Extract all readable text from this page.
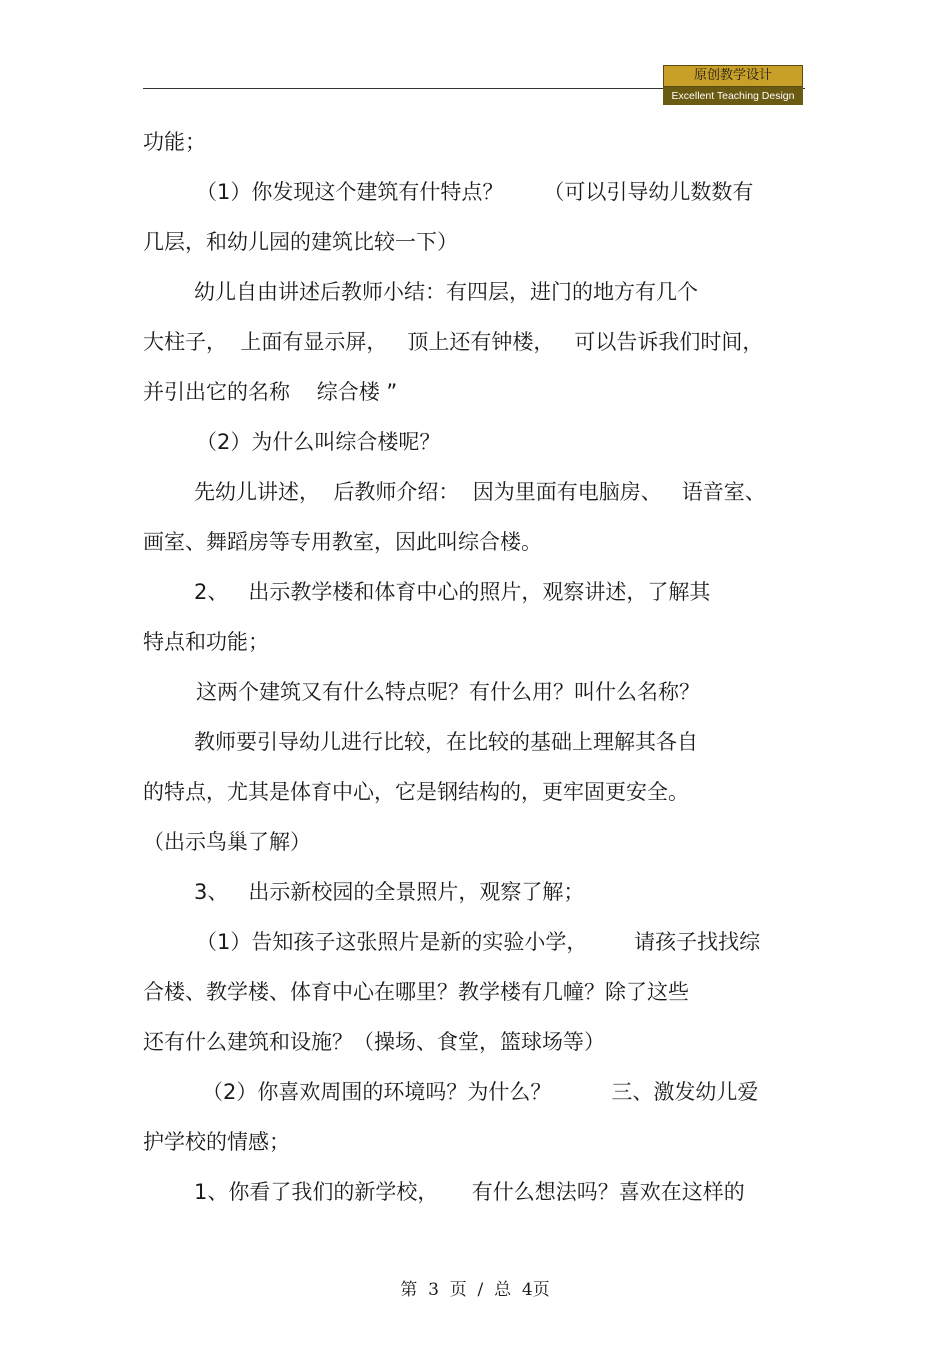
原创教学设计
Excellent Teaching Design
功能；
（1）你发现这个建筑有什特点？      （可以引导幼儿数数有
几层，和幼儿园的建筑比较一下）
幼儿自由讲述后教师小结：有四层，进门的地方有几个
大柱子，  上面有显示屏，   顶上还有钟楼，   可以告诉我们时间，
并引出它的名称    综合楼 ”
（2）为什么叫综合楼呢？
先幼儿讲述，  后教师介绍：  因为里面有电脑房、   语音室、
画室、舞蹈房等专用教室，因此叫综合楼。
2、   出示教学楼和体育中心的照片，观察讲述，了解其
特点和功能；
这两个建筑又有什么特点呢？有什么用？叫什么名称？
教师要引导幼儿进行比较，在比较的基础上理解其各自
的特点，尤其是体育中心，它是钢结构的，更牢固更安全。
（出示鸟巢了解）
3、   出示新校园的全景照片，观察了解；
（1）告知孩子这张照片是新的实验小学，       请孩子找找综
合楼、教学楼、体育中心在哪里？教学楼有几幢？除了这些
还有什么建筑和设施？（操场、食堂，篮球场等）
（2）你喜欢周围的环境吗？为什么？         三、激发幼儿爱
护学校的情感；
1、你看了我们的新学校，     有什么想法吗？喜欢在这样的
第  3  页  /  总  4页
